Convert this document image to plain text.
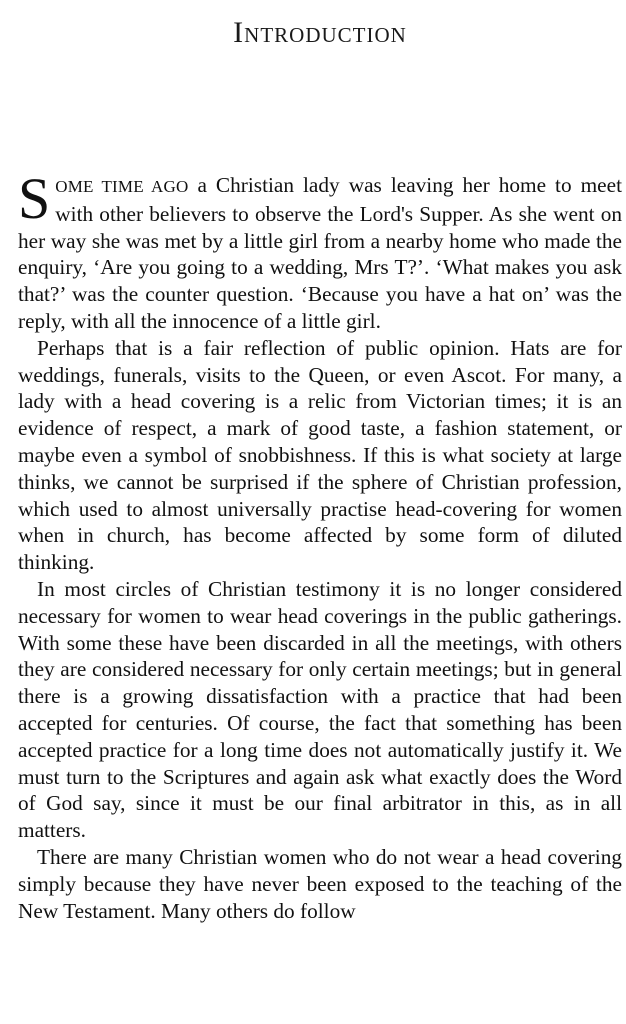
Introduction

SOME TIME AGO a Christian lady was leaving her home to meet with other believers to observe the Lord's Supper. As she went on her way she was met by a little girl from a nearby home who made the enquiry, ‘Are you going to a wedding, Mrs T?’. ‘What makes you ask that?’ was the counter question. ‘Because you have a hat on’ was the reply, with all the innocence of a little girl.

Perhaps that is a fair reflection of public opinion. Hats are for weddings, funerals, visits to the Queen, or even Ascot. For many, a lady with a head covering is a relic from Victorian times; it is an evidence of respect, a mark of good taste, a fashion statement, or maybe even a symbol of snobbishness. If this is what society at large thinks, we cannot be surprised if the sphere of Christian profession, which used to almost universally practise head-covering for women when in church, has become affected by some form of diluted thinking.

In most circles of Christian testimony it is no longer considered necessary for women to wear head coverings in the public gatherings. With some these have been discarded in all the meetings, with others they are considered necessary for only certain meetings; but in general there is a growing dissatisfaction with a practice that had been accepted for centuries. Of course, the fact that something has been accepted practice for a long time does not automatically justify it. We must turn to the Scriptures and again ask what exactly does the Word of God say, since it must be our final arbitrator in this, as in all matters.

There are many Christian women who do not wear a head covering simply because they have never been exposed to the teaching of the New Testament. Many others do follow
